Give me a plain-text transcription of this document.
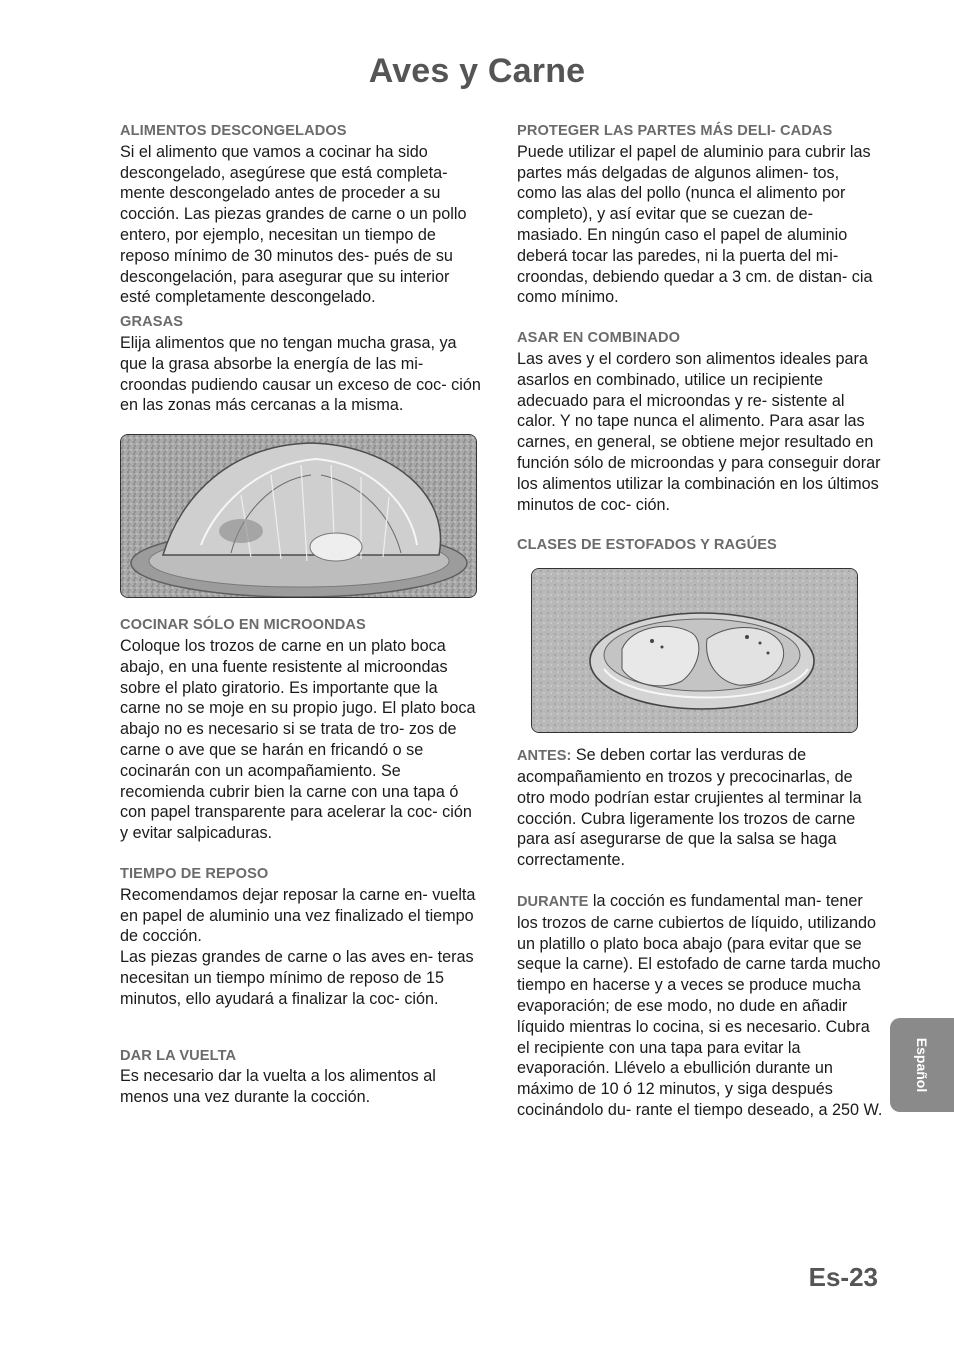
Aves y Carne
ALIMENTOS DESCONGELADOS

Si el alimento que vamos a cocinar ha sido descongelado, asegúrese que está completa- mente descongelado antes de proceder a su cocción. Las piezas grandes de carne o un pollo entero, por ejemplo, necesitan un tiempo de reposo mínimo de 30 minutos des- pués de su descongelación, para asegurar que su interior esté completamente descongelado.

GRASAS

Elija alimentos que no tengan mucha grasa, ya que la grasa absorbe la energía de las mi- croondas pudiendo causar un exceso de coc- ción en las zonas más cercanas a la misma.

COCINAR SÓLO EN MICROONDAS

Coloque los trozos de carne en un plato boca abajo, en una fuente resistente al microondas sobre el plato giratorio. Es importante que la carne no se moje en su propio jugo. El plato boca abajo no es necesario si se trata de tro- zos de carne o ave que se harán en fricandó o se cocinarán con un acompañamiento. Se recomienda cubrir bien la carne con una tapa ó con papel transparente para acelerar la coc- ción y evitar salpicaduras.

TIEMPO DE REPOSO

Recomendamos dejar reposar la carne en- vuelta en papel de aluminio una vez finalizado el tiempo de cocción.

Las piezas grandes de carne o las aves en- teras necesitan un tiempo mínimo de reposo de 15 minutos, ello ayudará a finalizar la coc- ción.

DAR LA VUELTA

Es necesario dar la vuelta a los alimentos al menos una vez durante la cocción.

PROTEGER LAS PARTES MÁS DELI- CADAS

Puede utilizar el papel de aluminio para cubrir las partes más delgadas de algunos alimen- tos, como las alas del pollo (nunca el alimento por completo), y así evitar que se cuezan de- masiado. En ningún caso el papel de aluminio deberá tocar las paredes, ni la puerta del mi- croondas, debiendo quedar a 3 cm. de distan- cia como mínimo.

ASAR EN COMBINADO

Las aves y el cordero son alimentos ideales para asarlos en combinado, utilice un recipiente adecuado para el microondas y re- sistente al calor. Y no tape nunca el alimento. Para asar las carnes, en general, se obtiene mejor resultado en función sólo de microondas y para conseguir dorar los alimentos utilizar la combinación en los últimos minutos de coc- ción.

CLASES DE ESTOFADOS Y RAGÚES

ANTES: Se deben cortar las verduras de acompañamiento en trozos y precocinarlas, de otro modo podrían estar crujientes al terminar la cocción. Cubra ligeramente los trozos de carne para así asegurarse de que la salsa se haga correctamente.

DURANTE la cocción es fundamental man- tener los trozos de carne cubiertos de líquido, utilizando un platillo o plato boca abajo (para evitar que se seque la carne). El estofado de carne tarda mucho tiempo en hacerse y a veces se produce mucha evaporación; de ese modo, no dude en añadir líquido mientras lo cocina, si es necesario. Cubra el recipiente con una tapa para evitar la evaporación. Llévelo a ebullición durante un máximo de 10 ó 12 minutos, y siga después cocinándolo du- rante el tiempo deseado, a 250 W.

Español
Es-23
